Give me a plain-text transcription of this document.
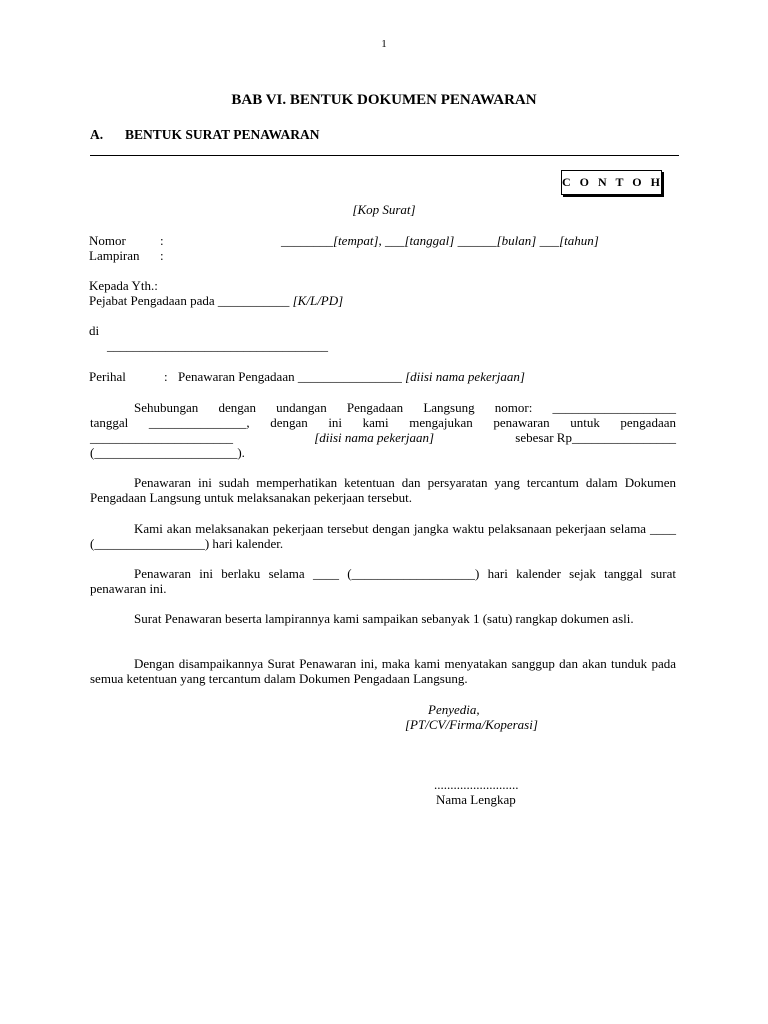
1
BAB VI. BENTUK DOKUMEN PENAWARAN
A. BENTUK SURAT PENAWARAN
C O N T O H
[Kop Surat]
Nomor	:	________[tempat], ___[tanggal] ______[bulan] ___[tahun]
Lampiran :
Kepada Yth.:
Pejabat Pengadaan pada ___________ [K/L/PD]
di
__________________________________
Perihal	: Penawaran Pengadaan ________________ [diisi nama pekerjaan]
Sehubungan dengan undangan Pengadaan Langsung nomor: ___________________
tanggal _______________, dengan ini kami mengajukan penawaran untuk pengadaan
______________________	[diisi nama pekerjaan]	sebesar Rp________________
(______________________).
Penawaran ini sudah memperhatikan ketentuan dan persyaratan yang tercantum dalam Dokumen Pengadaan Langsung untuk melaksanakan pekerjaan tersebut.
Kami akan melaksanakan pekerjaan tersebut dengan jangka waktu pelaksanaan pekerjaan selama ____ (_________________) hari kalender.
Penawaran ini berlaku selama ____ (___________________) hari kalender sejak tanggal surat penawaran ini.
Surat Penawaran beserta lampirannya kami sampaikan sebanyak 1 (satu) rangkap dokumen asli.
Dengan disampaikannya Surat Penawaran ini, maka kami menyatakan sanggup dan akan tunduk pada semua ketentuan yang tercantum dalam Dokumen Pengadaan Langsung.
Penyedia,
[PT/CV/Firma/Koperasi]
..........................
Nama Lengkap
